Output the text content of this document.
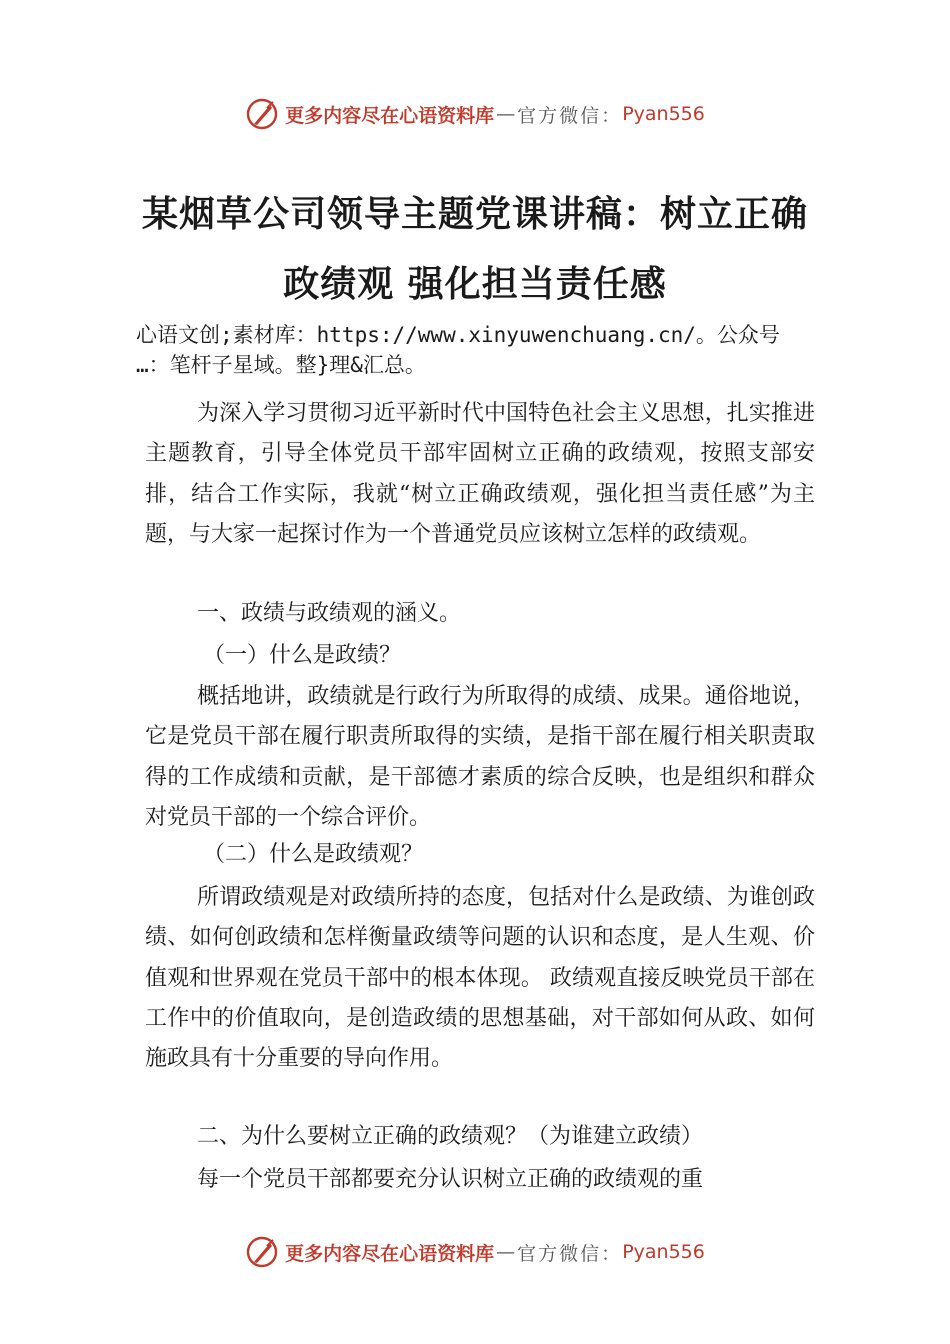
更多内容尽在心语资料库 — 官方微信： Pyan556
某烟草公司领导主题党课讲稿：树立正确
政绩观 强化担当责任感
心语文创;素材库：https://www.xinyuwenchuang.cn/。公众号
…：笔杆子星域。整}理&汇总。

为深入学习贯彻习近平新时代中国特色社会主义思想，扎实推进主题教育，引导全体党员干部牢固树立正确的政绩观，按照支部安排，结合工作实际，我就“树立正确政绩观，强化担当责任感”为主题，与大家一起探讨作为一个普通党员应该树立怎样的政绩观。

一、政绩与政绩观的涵义。

（一）什么是政绩？

概括地讲，政绩就是行政行为所取得的成绩、成果。通俗地说，它是党员干部在履行职责所取得的实绩，是指干部在履行相关职责取得的工作成绩和贡献，是干部德才素质的综合反映，也是组织和群众对党员干部的一个综合评价。

（二）什么是政绩观？

所谓政绩观是对政绩所持的态度，包括对什么是政绩、为谁创政绩、如何创政绩和怎样衡量政绩等问题的认识和态度，是人生观、价值观和世界观在党员干部中的根本体现。 政绩观直接反映党员干部在工作中的价值取向，是创造政绩的思想基础，对干部如何从政、如何施政具有十分重要的导向作用。

二、为什么要树立正确的政绩观？（为谁建立政绩）

每一个党员干部都要充分认识树立正确的政绩观的重

更多内容尽在心语资料库 — 官方微信： Pyan556
